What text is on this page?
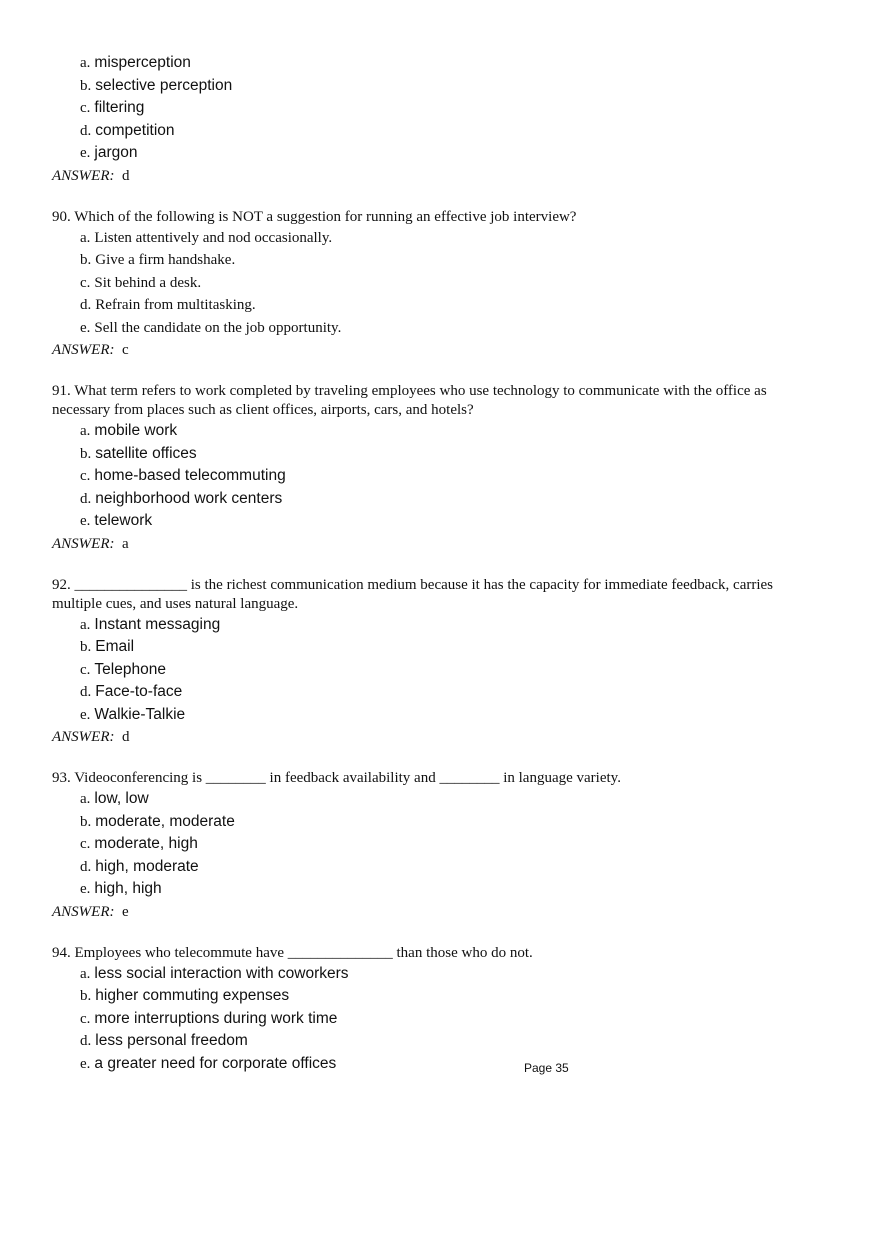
a. misperception
b. selective perception
c. filtering
d. competition
e. jargon
ANSWER: d
90. Which of the following is NOT a suggestion for running an effective job interview?
a. Listen attentively and nod occasionally.
b. Give a firm handshake.
c. Sit behind a desk.
d. Refrain from multitasking.
e. Sell the candidate on the job opportunity.
ANSWER: c
91. What term refers to work completed by traveling employees who use technology to communicate with the office as necessary from places such as client offices, airports, cars, and hotels?
a. mobile work
b. satellite offices
c. home-based telecommuting
d. neighborhood work centers
e. telework
ANSWER: a
92. _______________ is the richest communication medium because it has the capacity for immediate feedback, carries multiple cues, and uses natural language.
a. Instant messaging
b. Email
c. Telephone
d. Face-to-face
e. Walkie-Talkie
ANSWER: d
93. Videoconferencing is ________ in feedback availability and ________ in language variety.
a. low, low
b. moderate, moderate
c. moderate, high
d. high, moderate
e. high, high
ANSWER: e
94. Employees who telecommute have ______________ than those who do not.
a. less social interaction with coworkers
b. higher commuting expenses
c. more interruptions during work time
d. less personal freedom
e. a greater need for corporate offices	Page 35
